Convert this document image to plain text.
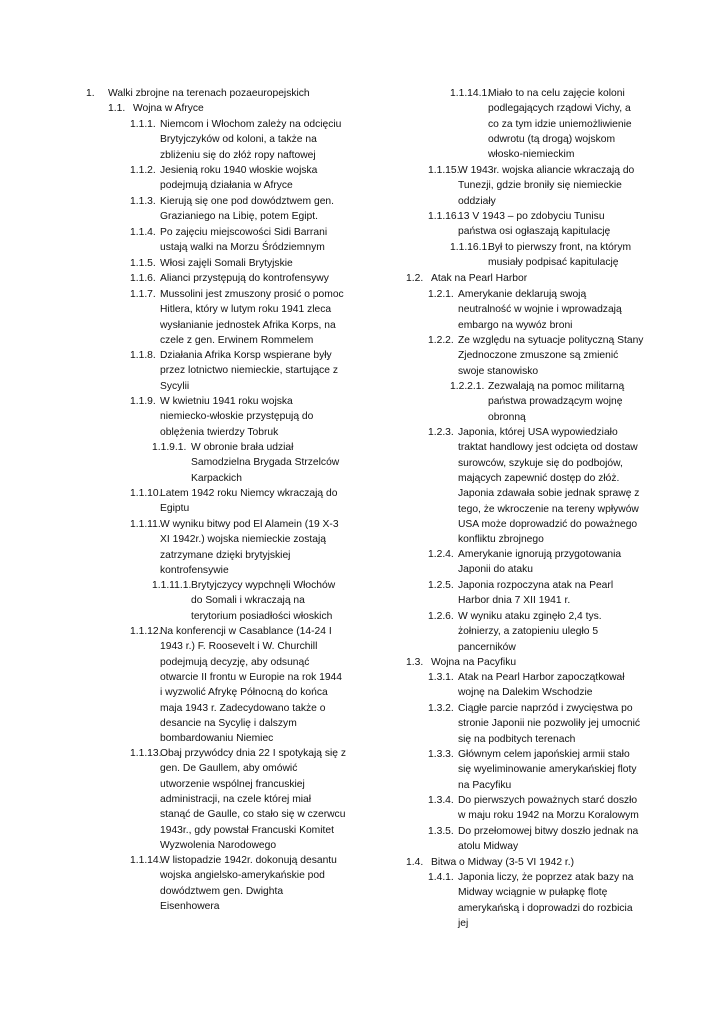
1. Walki zbrojne na terenach pozaeuropejskich
1.1. Wojna w Afryce
1.1.1. Niemcom i Włochom zależy na odcięciu
Brytyjczyków od koloni, a także na
zbliżeniu się do złóż ropy naftowej
1.1.2. Jesienią roku 1940 włoskie wojska
podejmują działania w Afryce
1.1.3. Kierują się one pod dowództwem gen.
Grazianiego na Libię, potem Egipt.
1.1.4. Po zajęciu miejscowości Sidi Barrani
ustają walki na Morzu Śródziemnym
1.1.5. Włosi zajęli Somali Brytyjskie
1.1.6. Alianci przystępują do kontrofensywy
1.1.7. Mussolini jest zmuszony prosić o pomoc
Hitlera, który w lutym roku 1941 zleca
wysłanianie jednostek Afrika Korps, na
czele z gen. Erwinem Rommelem
1.1.8. Działania Afrika Korsp wspierane były
przez lotnictwo niemieckie, startujące z
Sycylii
1.1.9. W kwietniu 1941 roku wojska
niemiecko-włoskie przystępują do
oblężenia twierdzy Tobruk
1.1.9.1. W obronie brała udział
Samodzielna Brygada Strzelców
Karpackich
1.1.10.
Latem 1942 roku Niemcy wkraczają do
Egiptu
1.1.11. W wyniku bitwy pod El Alamein (19 X-3
XI 1942r.) wojska niemieckie zostają
zatrzymane dzięki brytyjskiej
kontrofensywie
1.1.11.1. Brytyjczycy wypchnęli Włochów
do Somali i wkraczają na
terytorium posiadłości włoskich
1.1.12.
Na konferencji w Casablance (14-24 I
1943 r.) F. Roosevelt i W. Churchill
podejmują decyzję, aby odsunąć
otwarcie II frontu w Europie na rok 1944
i wyzwolić Afrykę Północną do końca
maja 1943 r. Zadecydowano także o
desancie na Sycylię i dalszym
bombardowaniu Niemiec
1.1.13.
Obaj przywódcy dnia 22 I spotykają się z
gen. De Gaullem, aby omówić
utworzenie wspólnej francuskiej
administracji, na czele której miał
stanąć de Gaulle, co stało się w czerwcu
1943r., gdy powstał Francuski Komitet
Wyzwolenia Narodowego
1.1.14.
W listopadzie 1942r. dokonują desantu
wojska angielsko-amerykańskie pod
dowództwem gen. Dwighta
Eisenhowera
1.1.14.1.
Miało to na celu zajęcie koloni
podlegających rządowi Vichy, a
co za tym idzie uniemożliwienie
odwrotu (tą drogą) wojskom
włosko-niemieckim
1.1.15.
W 1943r. wojska aliancie wkraczają do
Tunezji, gdzie broniły się niemieckie
oddziały
1.1.16.
13 V 1943 – po zdobyciu Tunisu
państwa osi ogłaszają kapitulację
1.1.16.1.
Był to pierwszy front, na którym
musiały podpisać kapitulację
1.2. Atak na Pearl Harbor
1.2.1. Amerykanie deklarują swoją
neutralność w wojnie i wprowadzają
embargo na wywóz broni
1.2.2. Ze względu na sytuacje polityczną Stany
Zjednoczone zmuszone są zmienić
swoje stanowisko
1.2.2.1. Zezwalają na pomoc militarną
państwa prowadzącym wojnę
obronną
1.2.3. Japonia, której USA wypowiedziało
traktat handlowy jest odcięta od dostaw
surowców, szykuje się do podbojów,
mających zapewnić dostęp do złóż.
Japonia zdawała sobie jednak sprawę z
tego, że wkroczenie na tereny wpływów
USA może doprowadzić do poważnego
konfliktu zbrojnego
1.2.4. Amerykanie ignorują przygotowania
Japonii do ataku
1.2.5. Japonia rozpoczyna atak na Pearl
Harbor dnia 7 XII 1941 r.
1.2.6. W wyniku ataku zginęło 2,4 tys.
żołnierzy, a zatopieniu uległo 5
pancerników
1.3. Wojna na Pacyfiku
1.3.1. Atak na Pearl Harbor zapoczątkował
wojnę na Dalekim Wschodzie
1.3.2. Ciągłe parcie naprzód i zwycięstwa po
stronie Japonii nie pozwoliły jej umocnić
się na podbitych terenach
1.3.3. Głównym celem japońskiej armii stało
się wyeliminowanie amerykańskiej floty
na Pacyfiku
1.3.4. Do pierwszych poważnych starć doszło
w maju roku 1942 na Morzu Koralowym
1.3.5. Do przełomowej bitwy doszło jednak na
atolu Midway
1.4. Bitwa o Midway (3-5 VI 1942 r.)
1.4.1. Japonia liczy, że poprzez atak bazy na
Midway wciągnie w pułapkę flotę
amerykańską i doprowadzi do rozbicia
jej
